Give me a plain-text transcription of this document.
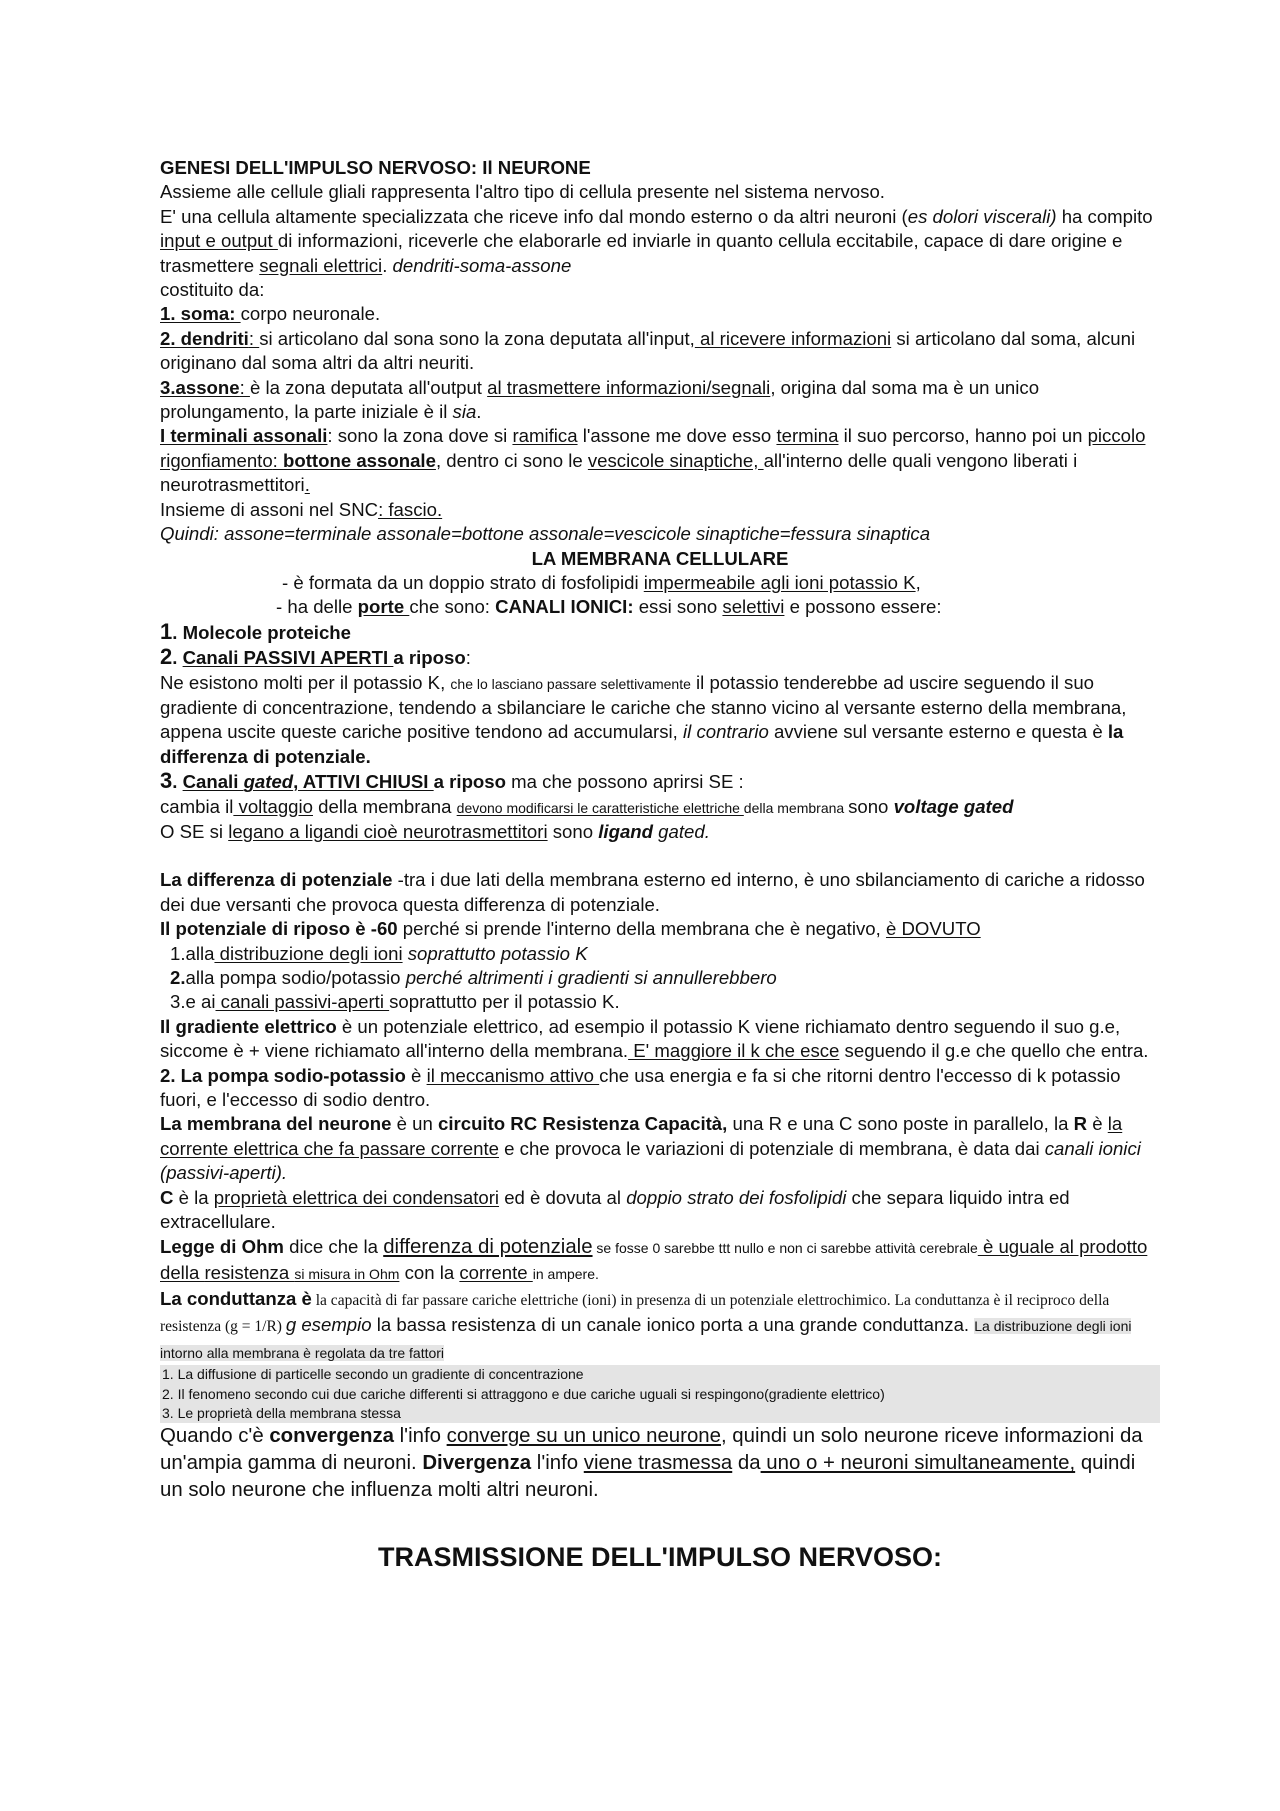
GENESI DELL'IMPULSO NERVOSO: Il NEURONE

Assieme alle cellule gliali rappresenta l'altro tipo di cellula presente nel sistema nervoso.

E' una cellula altamente specializzata che riceve info dal mondo esterno o da altri neuroni (es dolori viscerali) ha compito input e output di informazioni, riceverle che elaborarle ed inviarle in quanto cellula eccitabile, capace di dare origine e trasmettere segnali elettrici. dendriti-soma-assone

costituito da:

1. soma: corpo neuronale.

2. dendriti: si articolano dal sona sono la zona deputata all'input, al ricevere informazioni si articolano dal soma, alcuni originano dal soma altri da altri neuriti.

3.assone: è la zona deputata all'output al trasmettere informazioni/segnali, origina dal soma ma è un unico prolungamento, la parte iniziale è il sia.

I terminali assonali: sono la zona dove si ramifica l'assone me dove esso termina il suo percorso, hanno poi un piccolo rigonfiamento: bottone assonale, dentro ci sono le vescicole sinaptiche, all'interno delle quali vengono liberati i neurotrasmettitori.

Insieme di assoni nel SNC: fascio.

Quindi: assone=terminale assonale=bottone assonale=vescicole sinaptiche=fessura sinaptica

LA MEMBRANA CELLULARE

- è formata da un doppio strato di fosfolipidi impermeabile agli ioni potassio K,

- ha delle porte che sono: CANALI IONICI: essi sono selettivi e possono essere:

1. Molecole proteiche

2. Canali PASSIVI APERTI a riposo:

Ne esistono molti per il potassio K, che lo lasciano passare selettivamente il potassio tenderebbe ad uscire seguendo il suo gradiente di concentrazione, tendendo a sbilanciare le cariche che stanno vicino al versante esterno della membrana, appena uscite queste cariche positive tendono ad accumularsi, il contrario avviene sul versante esterno e questa è la differenza di potenziale.

3. Canali gated, ATTIVI CHIUSI a riposo ma che possono aprirsi SE :

cambia il voltaggio della membrana devono modificarsi le caratteristiche elettriche della membrana sono voltage gated

O SE si legano a ligandi cioè neurotrasmettitori sono ligand gated.

La differenza di potenziale -tra i due lati della membrana esterno ed interno, è uno sbilanciamento di cariche a ridosso dei due versanti che provoca questa differenza di potenziale.

Il potenziale di riposo è -60 perché si prende l'interno della membrana che è negativo, è DOVUTO

1.alla distribuzione degli ioni soprattutto potassio K

2.alla pompa sodio/potassio perché altrimenti i gradienti si annullerebbero

3.e ai canali passivi-aperti soprattutto per il potassio K.

Il gradiente elettrico è un potenziale elettrico, ad esempio il potassio K viene richiamato dentro seguendo il suo g.e, siccome è + viene richiamato all'interno della membrana. E' maggiore il k che esce seguendo il g.e che quello che entra.

2. La pompa sodio-potassio è il meccanismo attivo che usa energia e fa si che ritorni dentro l'eccesso di k potassio fuori, e l'eccesso di sodio dentro.

La membrana del neurone è un circuito RC Resistenza Capacità, una R e una C sono poste in parallelo, la R è la corrente elettrica che fa passare corrente e che provoca le variazioni di potenziale di membrana, è data dai canali ionici (passivi-aperti).

C è la proprietà elettrica dei condensatori ed è dovuta al doppio strato dei fosfolipidi che separa liquido intra ed extracellulare.

Legge di Ohm dice che la differenza di potenziale se fosse 0 sarebbe ttt nullo e non ci sarebbe attività cerebrale è uguale al prodotto della resistenza si misura in Ohm con la corrente in ampere.

La conduttanza è la capacità di far passare cariche elettriche (ioni) in presenza di un potenziale elettrochimico. La conduttanza è il reciproco della resistenza (g = 1/R) g esempio la bassa resistenza di un canale ionico porta a una grande conduttanza. La distribuzione degli ioni intorno alla membrana è regolata da tre fattori

1. La diffusione di particelle secondo un gradiente di concentrazione
2. Il fenomeno secondo cui due cariche differenti si attraggono e due cariche uguali si respingono(gradiente elettrico)
3. Le proprietà della membrana stessa

Quando c'è convergenza l'info converge su un unico neurone, quindi un solo neurone riceve informazioni da un'ampia gamma di neuroni. Divergenza l'info viene trasmessa da uno o + neuroni simultaneamente, quindi un solo neurone che influenza molti altri neuroni.

TRASMISSIONE DELL'IMPULSO NERVOSO:
